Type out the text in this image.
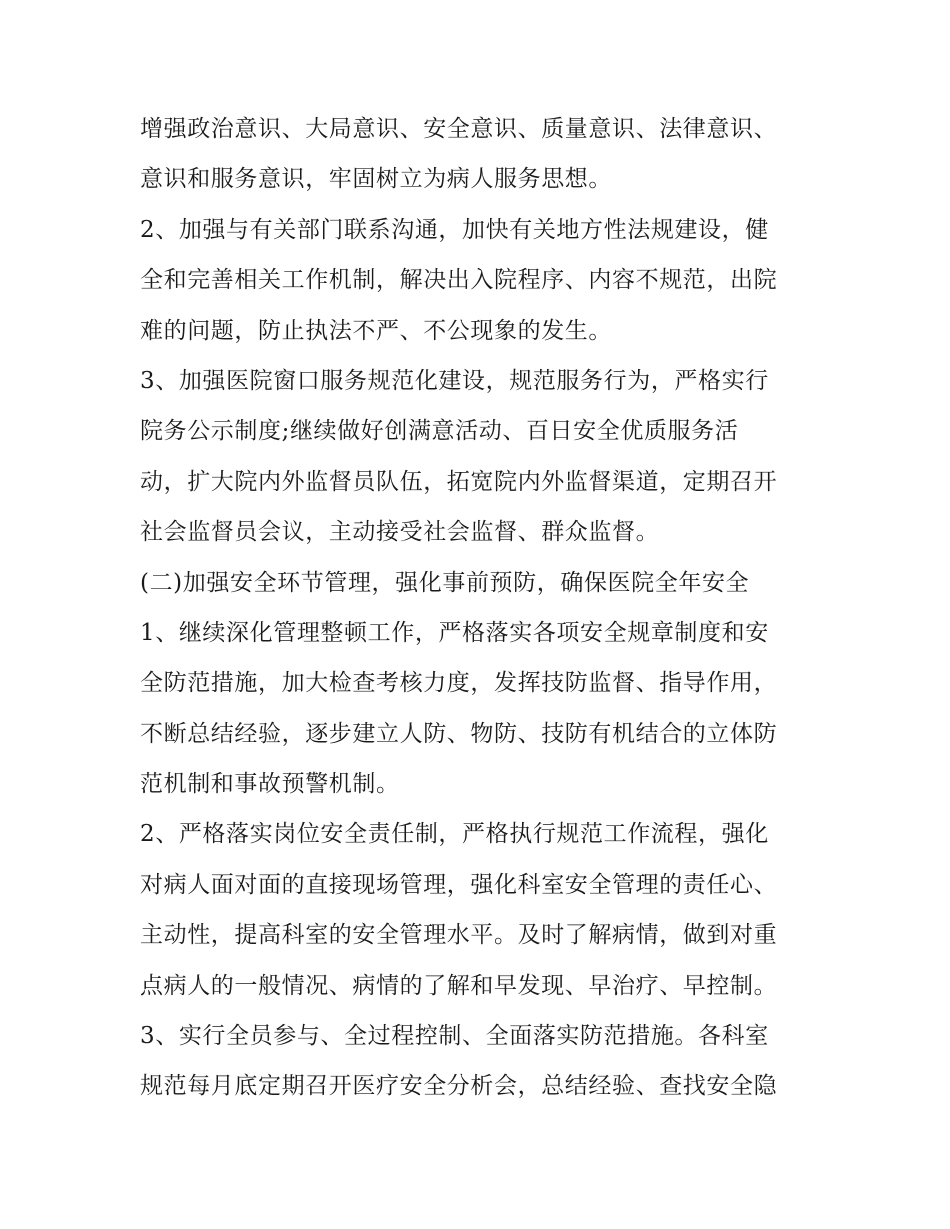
增强政治意识、大局意识、安全意识、质量意识、法律意识、
意识和服务意识，牢固树立为病人服务思想。
2、加强与有关部门联系沟通，加快有关地方性法规建设，健
全和完善相关工作机制，解决出入院程序、内容不规范，出院
难的问题，防止执法不严、不公现象的发生。
3、加强医院窗口服务规范化建设，规范服务行为，严格实行
院务公示制度;继续做好创满意活动、百日安全优质服务活
动，扩大院内外监督员队伍，拓宽院内外监督渠道，定期召开
社会监督员会议，主动接受社会监督、群众监督。
(二)加强安全环节管理，强化事前预防，确保医院全年安全
1、继续深化管理整顿工作，严格落实各项安全规章制度和安
全防范措施，加大检查考核力度，发挥技防监督、指导作用，
不断总结经验，逐步建立人防、物防、技防有机结合的立体防
范机制和事故预警机制。
2、严格落实岗位安全责任制，严格执行规范工作流程，强化
对病人面对面的直接现场管理，强化科室安全管理的责任心、
主动性，提高科室的安全管理水平。及时了解病情，做到对重
点病人的一般情况、病情的了解和早发现、早治疗、早控制。
3、实行全员参与、全过程控制、全面落实防范措施。各科室
规范每月底定期召开医疗安全分析会，总结经验、查找安全隐
